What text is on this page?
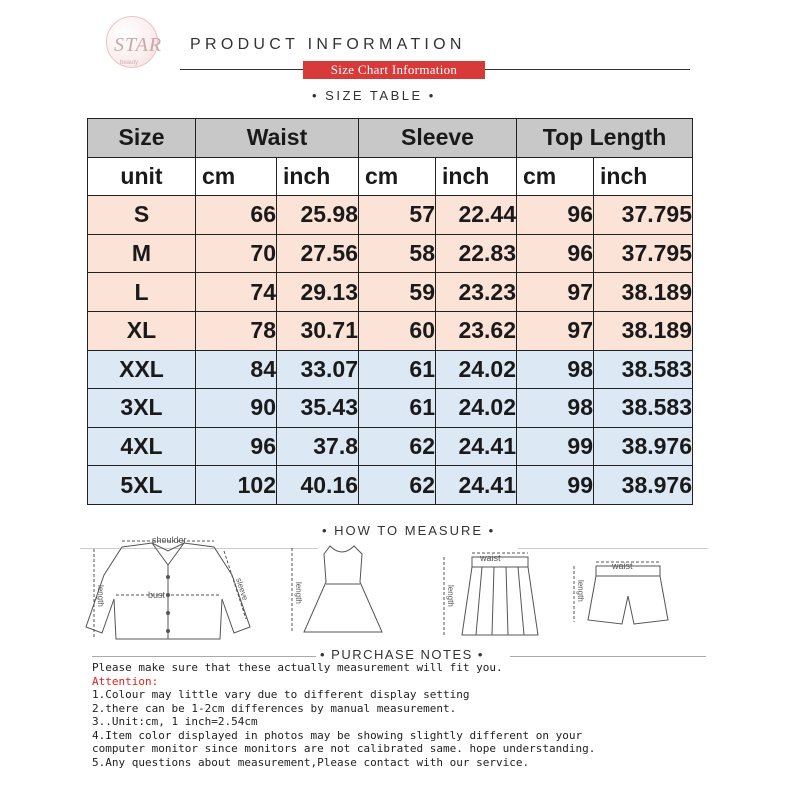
STAR
beauty
PRODUCT INFORMATION
Size Chart Information
• SIZE TABLE •
Size	Waist		Sleeve		Top Length	
unit	cm	inch	cm	inch	cm	inch
S	66	25.98	57	22.44	96	37.795
M	70	27.56	58	22.83	96	37.795
L	74	29.13	59	23.23	97	38.189
XL	78	30.71	60	23.62	97	38.189
XXL	84	33.07	61	24.02	98	38.583
3XL	90	35.43	61	24.02	98	38.583
4XL	96	37.8	62	24.41	99	38.976
5XL	102	40.16	62	24.41	99	38.976
• HOW TO MEASURE •
shoulder
bust
length	sleeve	length
waist
length
waist
length
• PURCHASE NOTES •
Please make sure that these actually measurement will fit you.
Attention:
1.Colour may little vary due to different display setting
2.there can be 1-2cm differences by manual measurement.
3..Unit:cm, 1 inch=2.54cm
4.Item color displayed in photos may be showing slightly different on your
computer monitor since monitors are not calibrated same. hope understanding.
5.Any questions about measurement,Please contact with our service.
